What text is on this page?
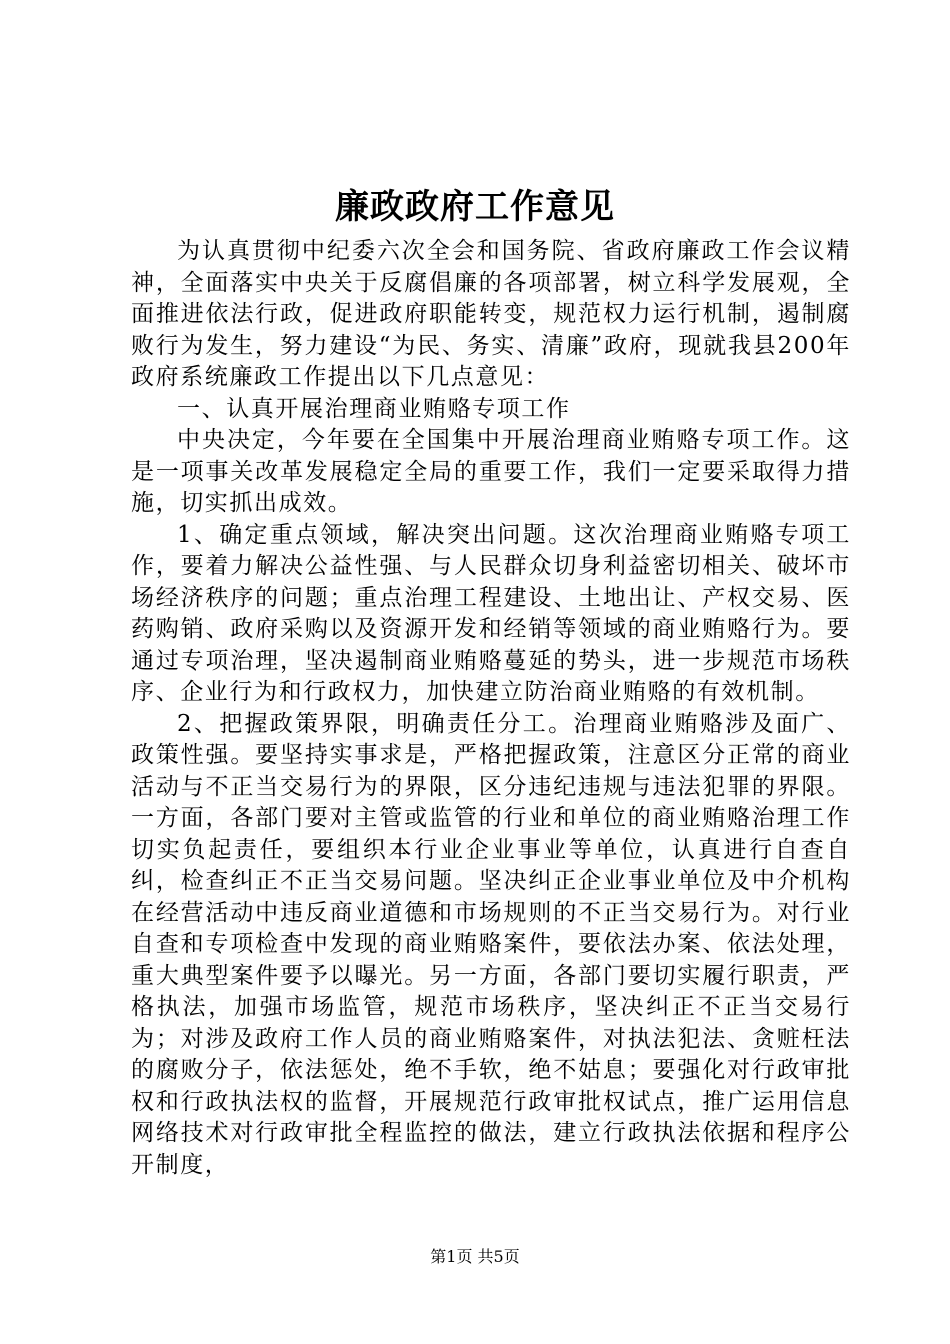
廉政政府工作意见

为认真贯彻中纪委六次全会和国务院、省政府廉政工作会议精神，全面落实中央关于反腐倡廉的各项部署，树立科学发展观，全面推进依法行政，促进政府职能转变，规范权力运行机制，遏制腐败行为发生，努力建设“为民、务实、清廉”政府，现就我县200年政府系统廉政工作提出以下几点意见：

一、认真开展治理商业贿赂专项工作

中央决定，今年要在全国集中开展治理商业贿赂专项工作。这是一项事关改革发展稳定全局的重要工作，我们一定要采取得力措施，切实抓出成效。

1、确定重点领域，解决突出问题。这次治理商业贿赂专项工作，要着力解决公益性强、与人民群众切身利益密切相关、破坏市场经济秩序的问题；重点治理工程建设、土地出让、产权交易、医药购销、政府采购以及资源开发和经销等领域的商业贿赂行为。要通过专项治理，坚决遏制商业贿赂蔓延的势头，进一步规范市场秩序、企业行为和行政权力，加快建立防治商业贿赂的有效机制。

2、把握政策界限，明确责任分工。治理商业贿赂涉及面广、政策性强。要坚持实事求是，严格把握政策，注意区分正常的商业活动与不正当交易行为的界限，区分违纪违规与违法犯罪的界限。一方面，各部门要对主管或监管的行业和单位的商业贿赂治理工作切实负起责任，要组织本行业企业事业等单位，认真进行自查自纠，检查纠正不正当交易问题。坚决纠正企业事业单位及中介机构在经营活动中违反商业道德和市场规则的不正当交易行为。对行业自查和专项检查中发现的商业贿赂案件，要依法办案、依法处理，重大典型案件要予以曝光。另一方面，各部门要切实履行职责，严格执法，加强市场监管，规范市场秩序，坚决纠正不正当交易行为；对涉及政府工作人员的商业贿赂案件，对执法犯法、贪赃枉法的腐败分子，依法惩处，绝不手软，绝不姑息；要强化对行政审批权和行政执法权的监督，开展规范行政审批权试点，推广运用信息网络技术对行政审批全程监控的做法，建立行政执法依据和程序公开制度，

第1页 共5页
